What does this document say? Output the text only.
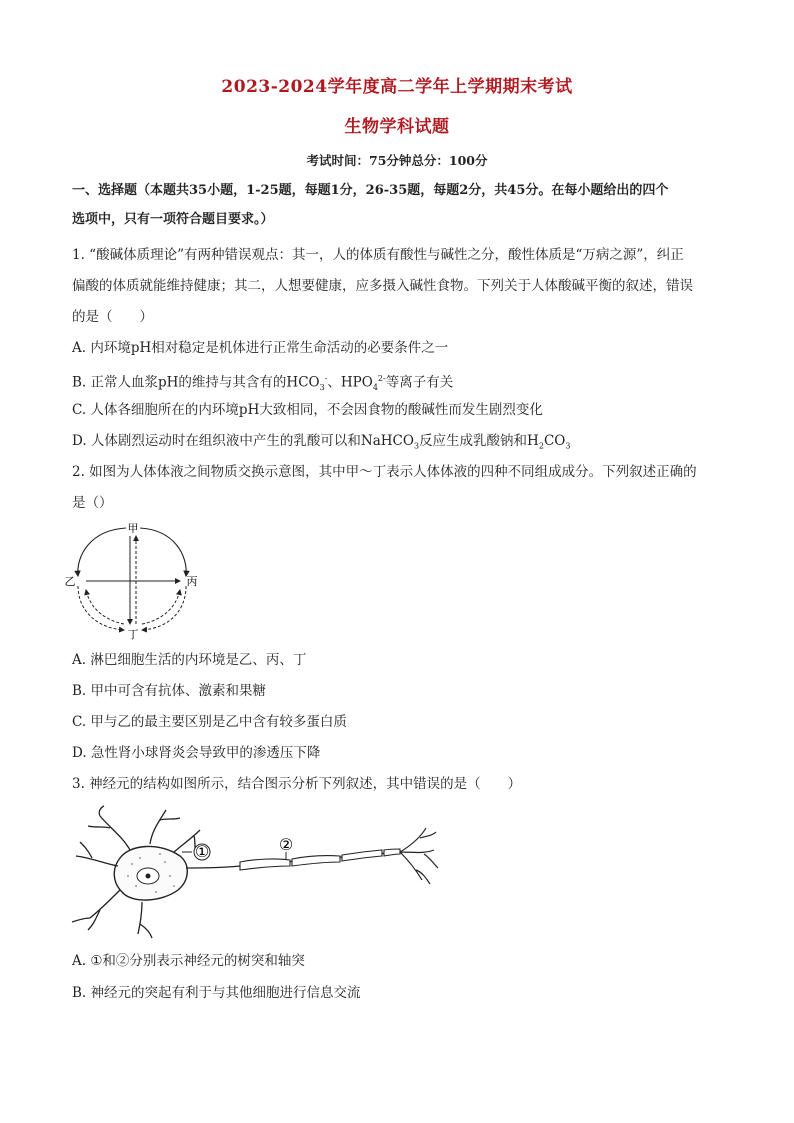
2023-2024学年度高二学年上学期期末考试
生物学科试题
考试时间：75分钟总分：100分
一、选择题（本题共35小题，1-25题，每题1分，26-35题，每题2分，共45分。在每小题给出的四个
选项中，只有一项符合题目要求。）
1. “酸碱体质理论”有两种错误观点：其一，人的体质有酸性与碱性之分，酸性体质是“万病之源”，纠正
偏酸的体质就能维持健康；其二，人想要健康，应多摄入碱性食物。下列关于人体酸碱平衡的叙述，错误
的是（　　）
A. 内环境pH相对稳定是机体进行正常生命活动的必要条件之一
B. 正常人血浆pH的维持与其含有的$HCO_3^-$、$HPO_4^{2-}$等离子有关
C. 人体各细胞所在的内环境pH大致相同，不会因食物的酸碱性而发生剧烈变化
D. 人体剧烈运动时在组织液中产生的乳酸可以和NaHCO$_3$反应生成乳酸钠和$H_2CO_3$
2. 如图为人体体液之间物质交换示意图，其中甲～丁表示人体体液的四种不同组成成分。下列叙述正确的
是（）
甲
乙	丙
丁
A. 淋巴细胞生活的内环境是乙、丙、丁
B. 甲中可含有抗体、激素和果糖
C. 甲与乙的最主要区别是乙中含有较多蛋白质
D. 急性肾小球肾炎会导致甲的渗透压下降
3. 神经元的结构如图所示，结合图示分析下列叙述，其中错误的是（　　）
①	②
A. ①和②分别表示神经元的树突和轴突
B. 神经元的突起有利于与其他细胞进行信息交流
